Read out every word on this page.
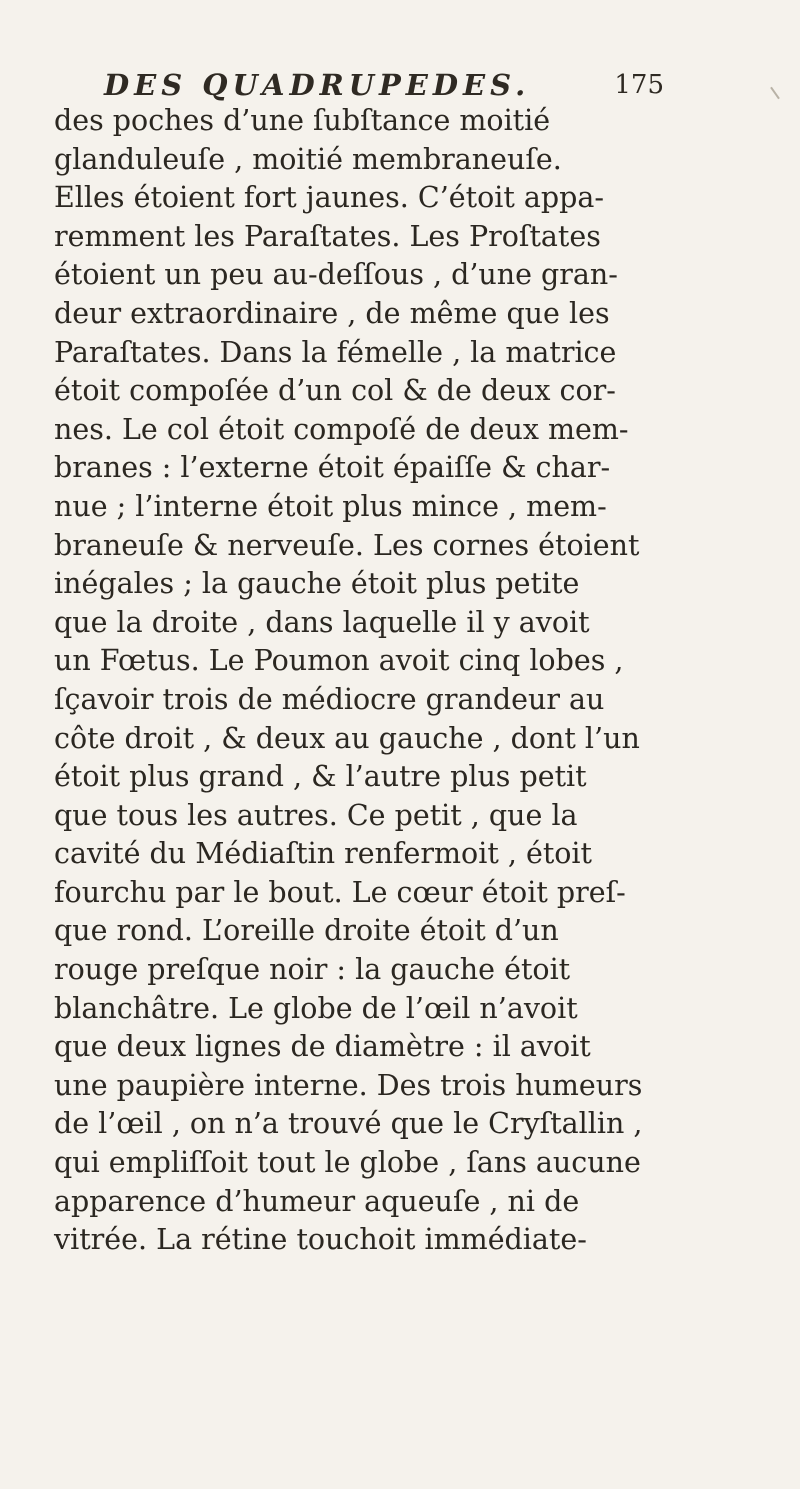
DES QUADRUPEDES.	175
des poches d’une ſubſtance moitié
glanduleuſe , moitié membraneuſe.
Elles étoient fort jaunes. C’étoit appa-
remment les Paraſtates. Les Proſtates
étoient un peu au-deſſous , d’une gran-
deur extraordinaire , de même que les
Paraſtates. Dans la fémelle , la matrice
étoit compoſée d’un col & de deux cor-
nes. Le col étoit compoſé de deux mem-
branes : l’externe étoit épaiſſe & char-
nue ; l’interne étoit plus mince , mem-
braneuſe & nerveuſe. Les cornes étoient
inégales ; la gauche étoit plus petite
que la droite , dans laquelle il y avoit
un Fœtus. Le Poumon avoit cinq lobes ,
ſçavoir trois de médiocre grandeur au
côte droit , & deux au gauche , dont l’un
étoit plus grand , & l’autre plus petit
que tous les autres. Ce petit , que la
cavité du Médiaſtin renfermoit , étoit
fourchu par le bout. Le cœur étoit preſ-
que rond. L’oreille droite étoit d’un
rouge preſque noir : la gauche étoit
blanchâtre. Le globe de l’œil n’avoit
que deux lignes de diamètre : il avoit
une paupière interne. Des trois humeurs
de l’œil , on n’a trouvé que le Cryſtallin ,
qui empliſſoit tout le globe , ſans aucune
apparence d’humeur aqueuſe , ni de
vitrée. La rétine touchoit immédiate-
